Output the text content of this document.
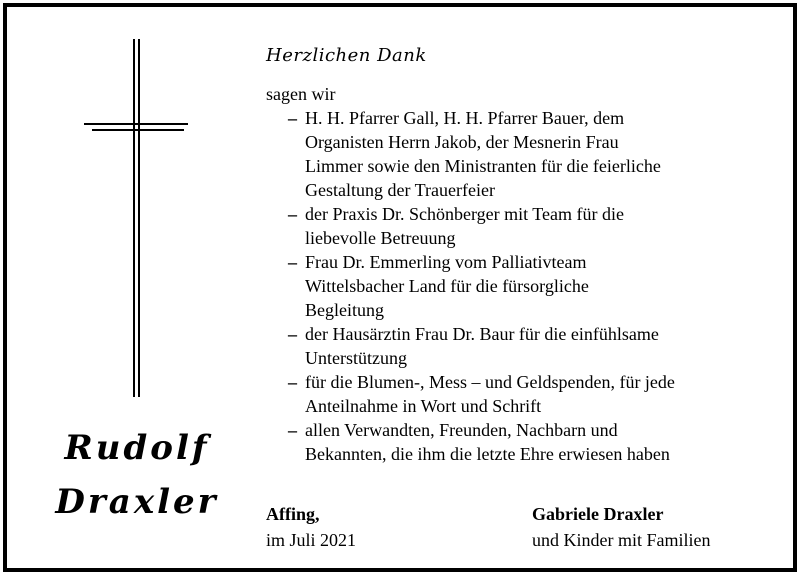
Rudolf
Draxler
Herzlichen Dank
sagen wir
– H. H. Pfarrer Gall, H. H. Pfarrer Bauer, dem
Organisten Herrn Jakob, der Mesnerin Frau
Limmer sowie den Ministranten für die feierliche
Gestaltung der Trauerfeier
– der Praxis Dr. Schönberger mit Team für die
liebevolle Betreuung
– Frau Dr. Emmerling vom Palliativteam
Wittelsbacher Land für die fürsorgliche
Begleitung
– der Hausärztin Frau Dr. Baur für die einfühlsame
Unterstützung
– für die Blumen-, Mess – und Geldspenden, für jede
Anteilnahme in Wort und Schrift
– allen Verwandten, Freunden, Nachbarn und
Bekannten, die ihm die letzte Ehre erwiesen haben
Affing,
im Juli 2021
Gabriele Draxler
und Kinder mit Familien
